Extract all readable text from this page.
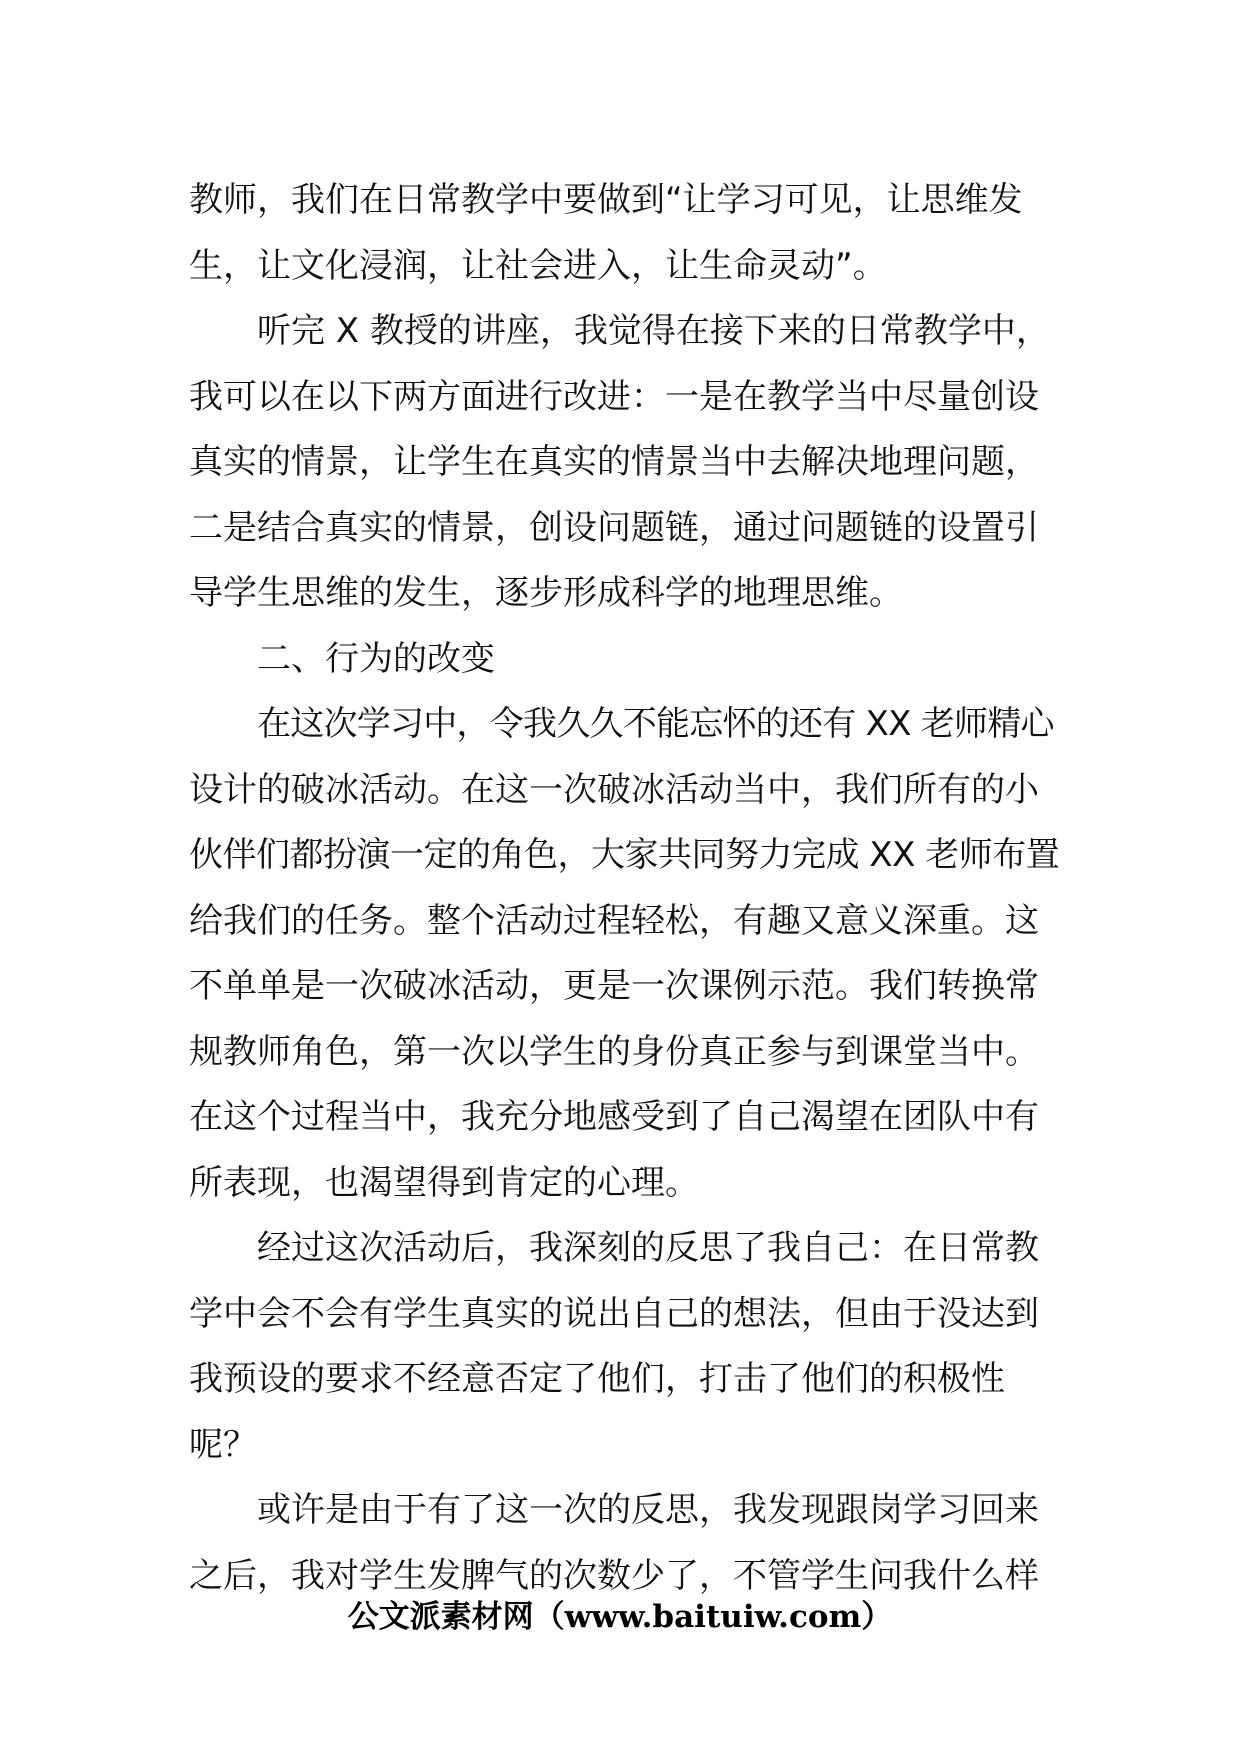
教师，我们在日常教学中要做到“让学习可见，让思维发
生，让文化浸润，让社会进入，让生命灵动”。
听完 X 教授的讲座，我觉得在接下来的日常教学中，
我可以在以下两方面进行改进：一是在教学当中尽量创设
真实的情景，让学生在真实的情景当中去解决地理问题，
二是结合真实的情景，创设问题链，通过问题链的设置引
导学生思维的发生，逐步形成科学的地理思维。
二、行为的改变
在这次学习中，令我久久不能忘怀的还有 XX 老师精心
设计的破冰活动。在这一次破冰活动当中，我们所有的小
伙伴们都扮演一定的角色，大家共同努力完成 XX 老师布置
给我们的任务。整个活动过程轻松，有趣又意义深重。这
不单单是一次破冰活动，更是一次课例示范。我们转换常
规教师角色，第一次以学生的身份真正参与到课堂当中。
在这个过程当中，我充分地感受到了自己渴望在团队中有
所表现，也渴望得到肯定的心理。
经过这次活动后，我深刻的反思了我自己：在日常教
学中会不会有学生真实的说出自己的想法，但由于没达到
我预设的要求不经意否定了他们，打击了他们的积极性
呢？
或许是由于有了这一次的反思，我发现跟岗学习回来
之后，我对学生发脾气的次数少了，不管学生问我什么样
公文派素材网（www.baituiw.com）
